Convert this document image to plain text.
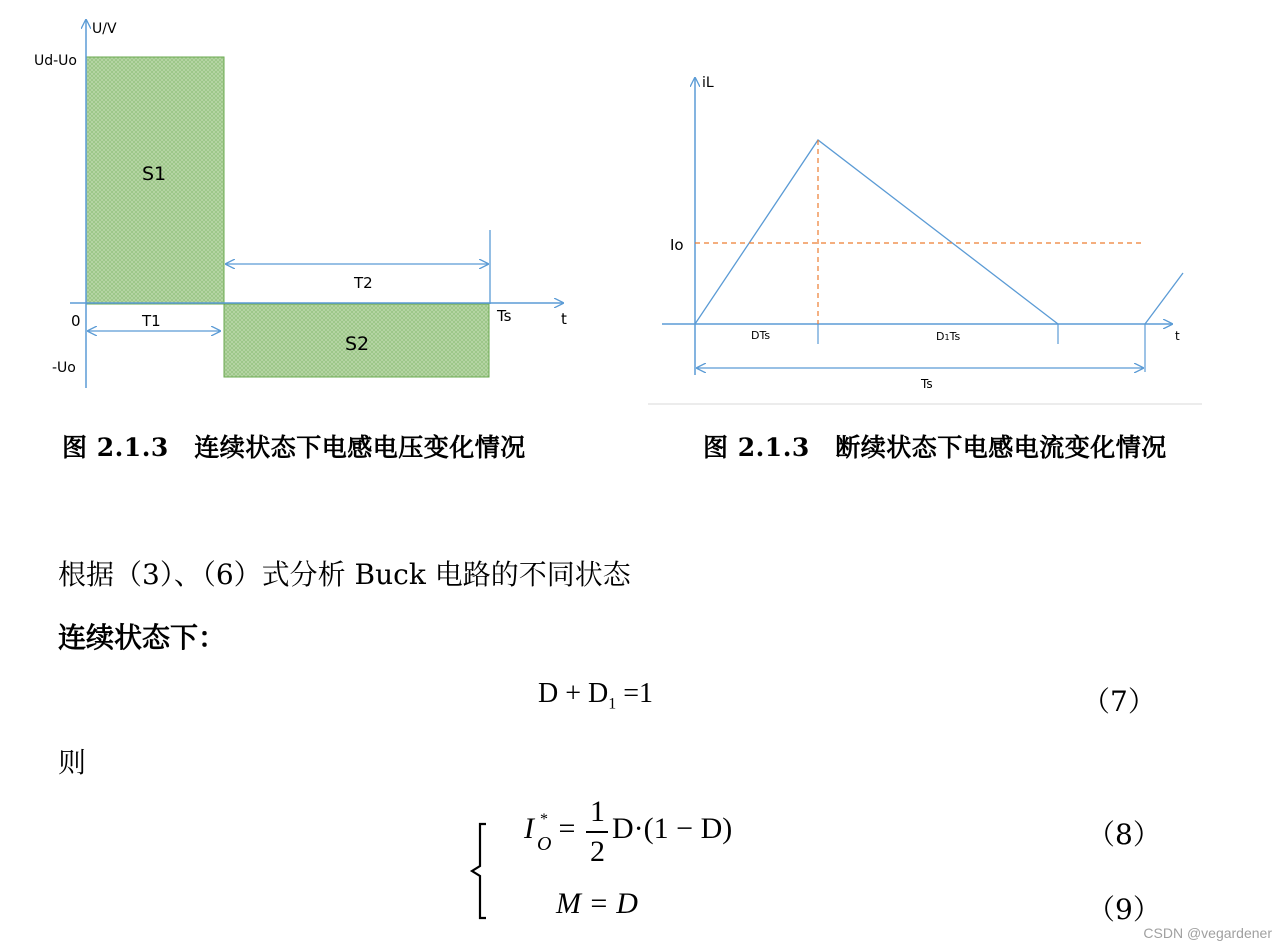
U/V
Ud-Uo
0
-Uo
S1
S2
T1
T2
Ts	t
iL
Io
DTs	D1Ts
Ts
t
图 2.1.3　连续状态下电感电压变化情况	图 2.1.3　断续状态下电感电流变化情况
根据（3）、（6）式分析 Buck 电路的不同状态
连续状态下：
$D + D_1 =1$	（7）
则
I *
O =
1
2
D·(1 − D)	（8）
M = D	（9）
CSDN @vegardener
